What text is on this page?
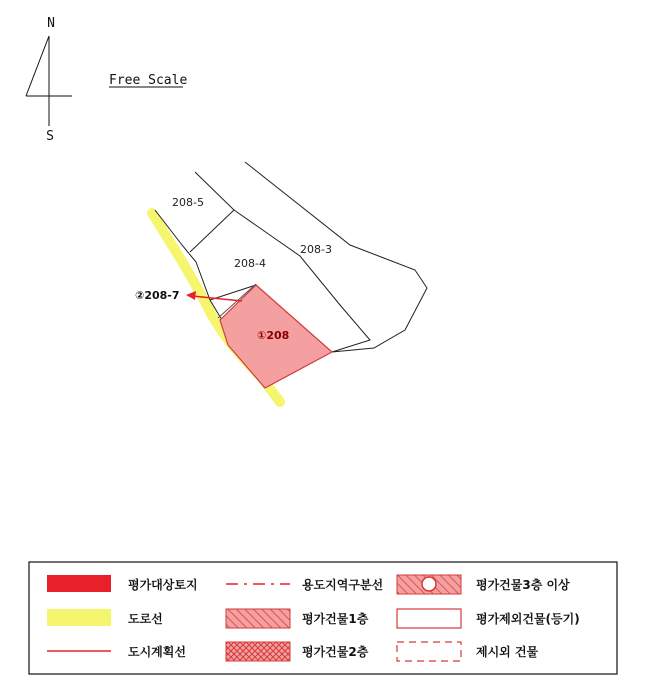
N
S
Free Scale
208-5
208-4
208-3
①208
②208-7
평가대상토지
도로선
도시계획선
용도지역구분선
평가건물1층
평가건물2층
평가건물3층 이상
평가제외건물(등기)
제시외 건물
